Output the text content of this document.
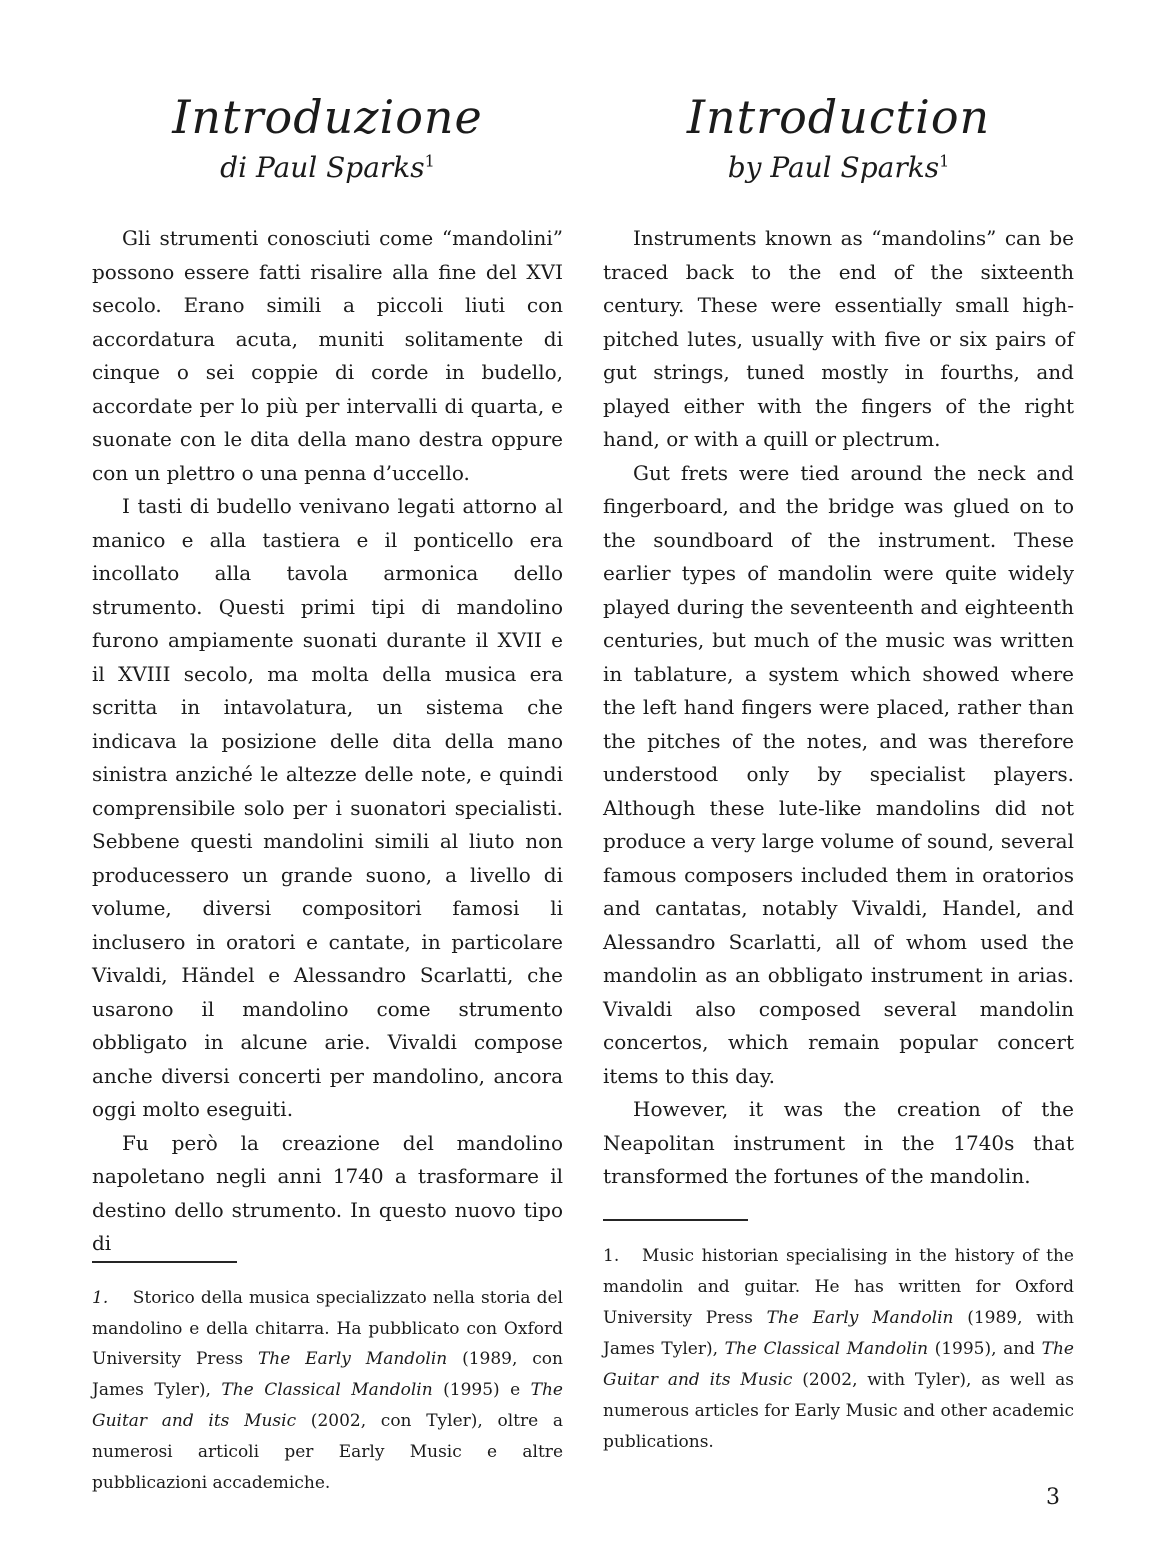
Introduzione
di Paul Sparks$^1$

Gli strumenti conosciuti come “mandolini” possono essere fatti risalire alla fine del XVI secolo. Erano simili a piccoli liuti con accordatura acuta, muniti solitamente di cinque o sei coppie di corde in budello, accordate per lo più per intervalli di quarta, e suonate con le dita della mano destra oppure con un plettro o una penna d’uccello.

I tasti di budello venivano legati attorno al manico e alla tastiera e il ponticello era incollato alla tavola armonica dello strumento. Questi primi tipi di mandolino furono ampiamente suonati durante il XVII e il XVIII secolo, ma molta della musica era scritta in intavolatura, un sistema che indicava la posizione delle dita della mano sinistra anziché le altezze delle note, e quindi comprensibile solo per i suonatori specialisti. Sebbene questi mandolini simili al liuto non producessero un grande suono, a livello di volume, diversi compositori famosi li inclusero in oratori e cantate, in particolare Vivaldi, Händel e Alessandro Scarlatti, che usarono il mandolino come strumento obbligato in alcune arie. Vivaldi compose anche diversi concerti per mandolino, ancora oggi molto eseguiti.

Fu però la creazione del mandolino napoletano negli anni 1740 a trasformare il destino dello strumento. In questo nuovo tipo di

1.    Storico della musica specializzato nella storia del mandolino e della chitarra. Ha pubblicato con Oxford University Press The Early Mandolin (1989, con James Tyler), The Classical Mandolin (1995) e The Guitar and its Music (2002, con Tyler), oltre a numerosi articoli per Early Music e altre pubblicazioni accademiche.

Introduction
by Paul Sparks$^1$

Instruments known as “mandolins” can be traced back to the end of the sixteenth century. These were essentially small high-pitched lutes, usually with five or six pairs of gut strings, tuned mostly in fourths, and played either with the fingers of the right hand, or with a quill or plectrum.

Gut frets were tied around the neck and fingerboard, and the bridge was glued on to the soundboard of the instrument. These earlier types of mandolin were quite widely played during the seventeenth and eighteenth centuries, but much of the music was written in tablature, a system which showed where the left hand fingers were placed, rather than the pitches of the notes, and was therefore understood only by specialist players. Although these lute-like mandolins did not produce a very large volume of sound, several famous composers included them in oratorios and cantatas, notably Vivaldi, Handel, and Alessandro Scarlatti, all of whom used the mandolin as an obbligato instrument in arias. Vivaldi also composed several mandolin concertos, which remain popular concert items to this day.

However, it was the creation of the Neapolitan instrument in the 1740s that transformed the fortunes of the mandolin.

1.   Music historian specialising in the history of the mandolin and guitar. He has written for Oxford University Press The Early Mandolin (1989, with James Tyler), The Classical Mandolin (1995), and The Guitar and its Music (2002, with Tyler), as well as numerous articles for Early Music and other academic publications.

3
